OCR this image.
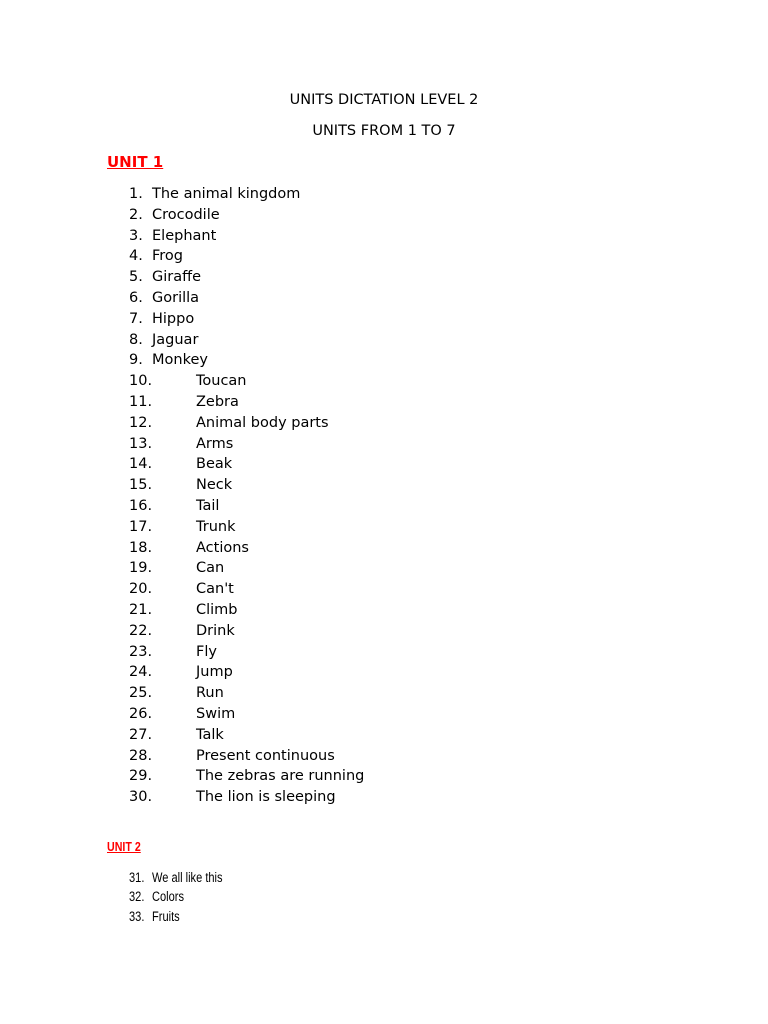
UNITS DICTATION LEVEL 2
UNITS FROM 1 TO 7
UNIT 1
1. The animal kingdom
2. Crocodile
3. Elephant
4. Frog
5. Giraffe
6. Gorilla
7. Hippo
8. Jaguar
9. Monkey
10.	Toucan
11.	Zebra
12.	Animal body parts
13.	Arms
14.	Beak
15.	Neck
16.	Tail
17.	Trunk
18.	Actions
19.	Can
20.	Can't
21.	Climb
22.	Drink
23.	Fly
24.	Jump
25.	Run
26.	Swim
27.	Talk
28.	Present continuous
29.	The zebras are running
30.	The lion is sleeping
UNIT 2
31. We all like this
32. Colors
33. Fruits
